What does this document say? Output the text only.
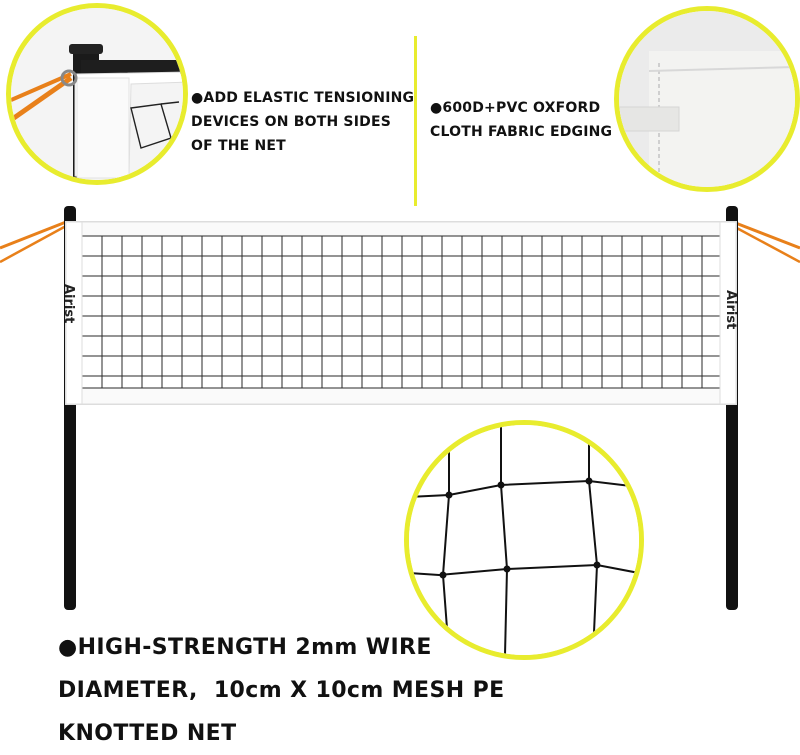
●ADD ELASTIC TENSIONING
DEVICES ON BOTH SIDES
OF THE NET
●600D+PVC OXFORD
CLOTH FABRIC EDGING
Airist	Airist
●HIGH-STRENGTH 2mm WIRE
DIAMETER,  10cm X 10cm MESH PE
KNOTTED NET
